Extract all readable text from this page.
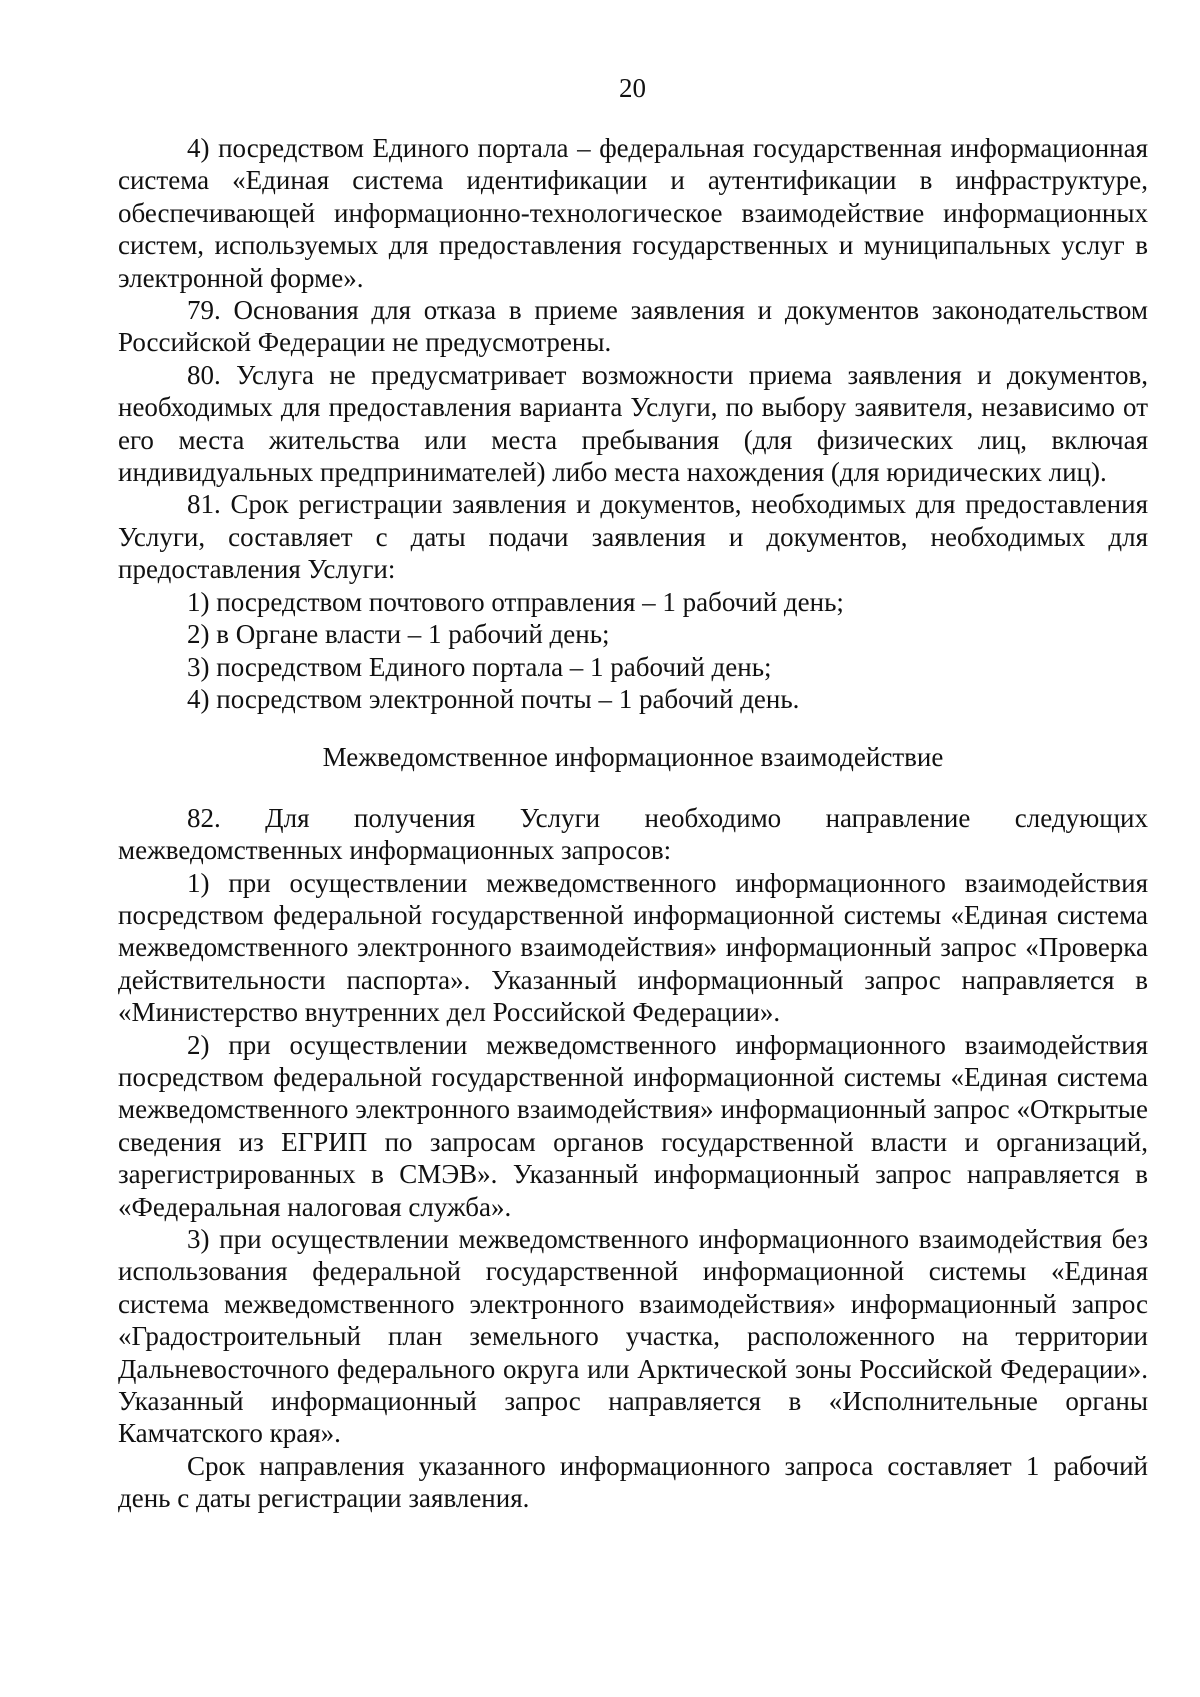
20

4) посредством Единого портала – федеральная государственная информационная система «Единая система идентификации и аутентификации в инфраструктуре, обеспечивающей информационно-технологическое взаимодействие информационных систем, используемых для предоставления государственных и муниципальных услуг в электронной форме».

79. Основания для отказа в приеме заявления и документов законодательством Российской Федерации не предусмотрены.

80. Услуга не предусматривает возможности приема заявления и документов, необходимых для предоставления варианта Услуги, по выбору заявителя, независимо от его места жительства или места пребывания (для физических лиц, включая индивидуальных предпринимателей) либо места нахождения (для юридических лиц).

81. Срок регистрации заявления и документов, необходимых для предоставления Услуги, составляет с даты подачи заявления и документов, необходимых для предоставления Услуги:

1) посредством почтового отправления – 1 рабочий день;

2) в Органе власти – 1 рабочий день;

3) посредством Единого портала – 1 рабочий день;

4) посредством электронной почты – 1 рабочий день.

Межведомственное информационное взаимодействие

82. Для получения Услуги необходимо направление следующих межведомственных информационных запросов:

1) при осуществлении межведомственного информационного взаимодействия посредством федеральной государственной информационной системы «Единая система межведомственного электронного взаимодействия» информационный запрос «Проверка действительности паспорта». Указанный информационный запрос направляется в «Министерство внутренних дел Российской Федерации».

2) при осуществлении межведомственного информационного взаимодействия посредством федеральной государственной информационной системы «Единая система межведомственного электронного взаимодействия» информационный запрос «Открытые сведения из ЕГРИП по запросам органов государственной власти и организаций, зарегистрированных в СМЭВ». Указанный информационный запрос направляется в «Федеральная налоговая служба».

3) при осуществлении межведомственного информационного взаимодействия без использования федеральной государственной информационной системы «Единая система межведомственного электронного взаимодействия» информационный запрос «Градостроительный план земельного участка, расположенного на территории Дальневосточного федерального округа или Арктической зоны Российской Федерации». Указанный информационный запрос направляется в «Исполнительные органы Камчатского края».

Срок направления указанного информационного запроса составляет 1 рабочий день с даты регистрации заявления.
